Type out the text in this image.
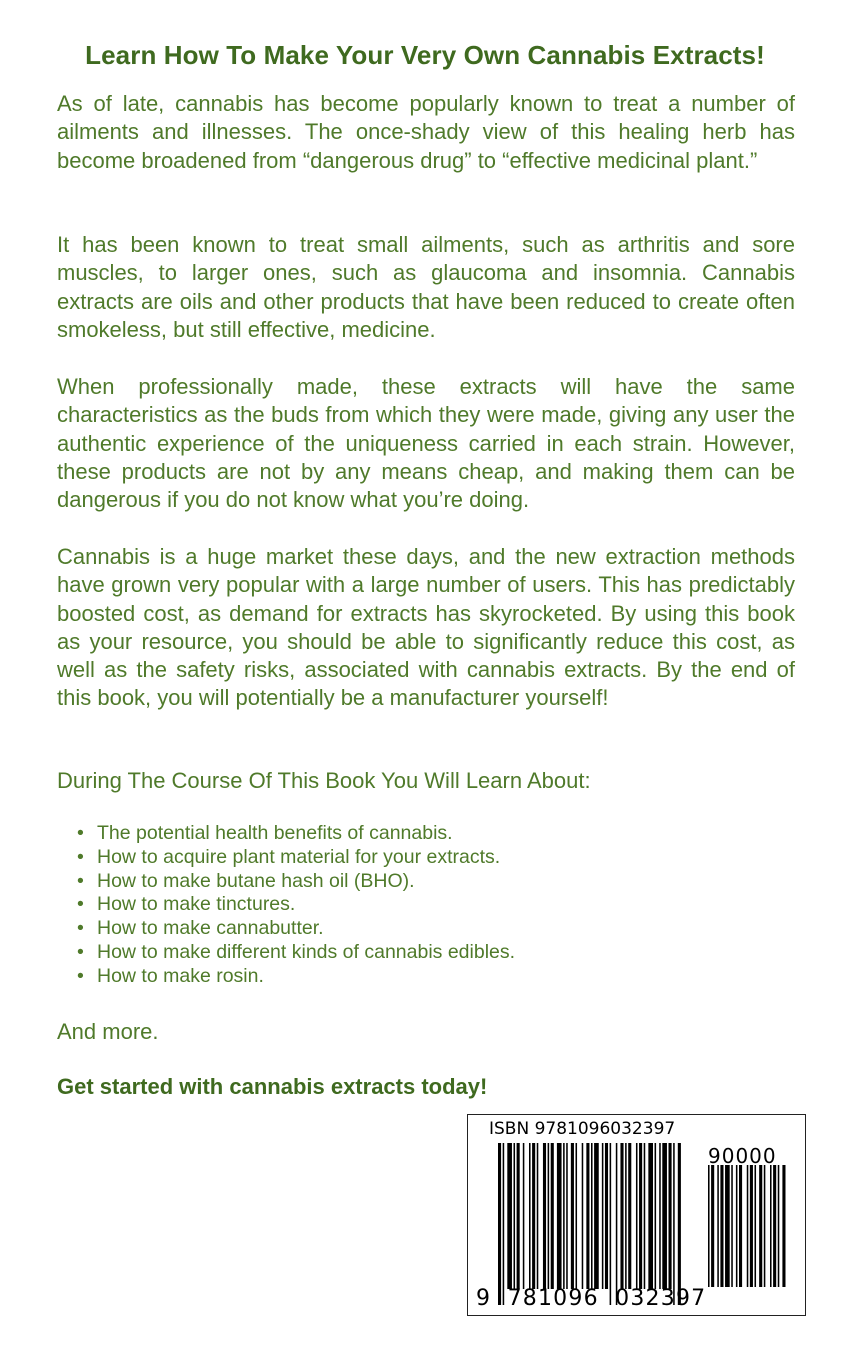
Learn How To Make Your Very Own Cannabis Extracts!
As of late, cannabis has become popularly known to treat a number of ailments and illnesses. The once-shady view of this healing herb has become broadened from “dangerous drug” to “effective medicinal plant.”
It has been known to treat small ailments, such as arthritis and sore muscles, to larger ones, such as glaucoma and insomnia. Cannabis extracts are oils and other products that have been reduced to create often smokeless, but still effective, medicine.
When professionally made, these extracts will have the same characteristics as the buds from which they were made, giving any user the authentic experience of the uniqueness carried in each strain. However, these products are not by any means cheap, and making them can be dangerous if you do not know what you’re doing.
Cannabis is a huge market these days, and the new extraction methods have grown very popular with a large number of users. This has predictably boosted cost, as demand for extracts has skyrocketed. By using this book as your resource, you should be able to significantly reduce this cost, as well as the safety risks, associated with cannabis extracts. By the end of this book, you will potentially be a manufacturer yourself!
During The Course Of This Book You Will Learn About:
• The potential health benefits of cannabis.
• How to acquire plant material for your extracts.
• How to make butane hash oil (BHO).
• How to make tinctures.
• How to make cannabutter.
• How to make different kinds of cannabis edibles.
• How to make rosin.
And more.
Get started with cannabis extracts today!
ISBN 9781096032397
90000
9  781096  032397
